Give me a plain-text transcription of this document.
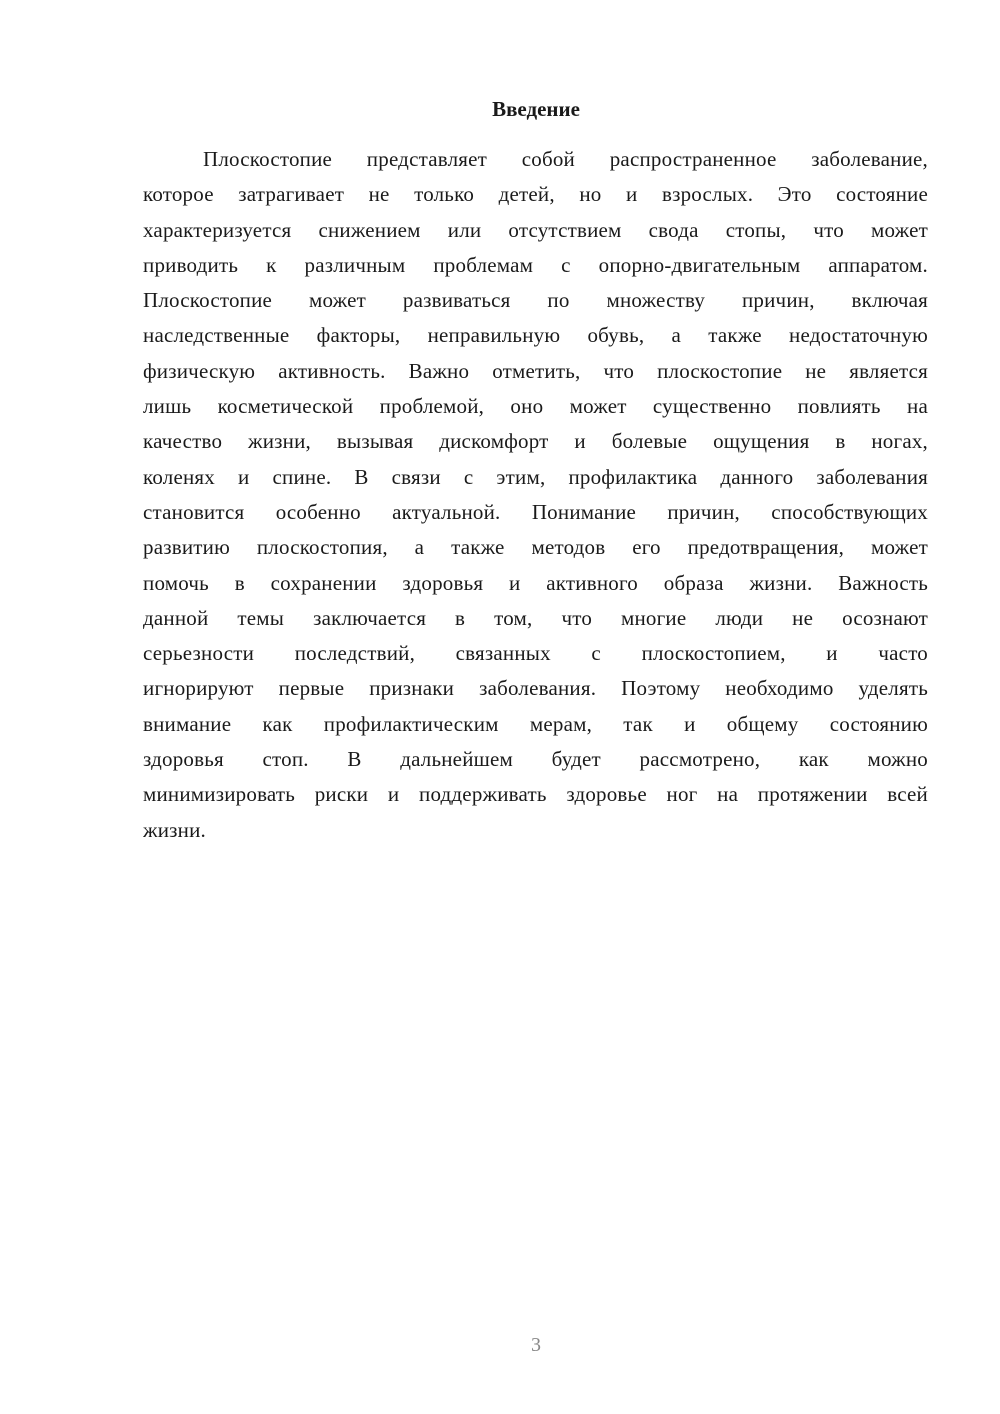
Введение
Плоскостопие представляет собой распространенное заболевание,
которое затрагивает не только детей, но и взрослых. Это состояние
характеризуется снижением или отсутствием свода стопы, что может
приводить к различным проблемам с опорно-двигательным аппаратом.
Плоскостопие может развиваться по множеству причин, включая
наследственные факторы, неправильную обувь, а также недостаточную
физическую активность. Важно отметить, что плоскостопие не является
лишь косметической проблемой, оно может существенно повлиять на
качество жизни, вызывая дискомфорт и болевые ощущения в ногах,
коленях и спине. В связи с этим, профилактика данного заболевания
становится особенно актуальной. Понимание причин, способствующих
развитию плоскостопия, а также методов его предотвращения, может
помочь в сохранении здоровья и активного образа жизни. Важность
данной темы заключается в том, что многие люди не осознают
серьезности последствий, связанных с плоскостопием, и часто
игнорируют первые признаки заболевания. Поэтому необходимо уделять
внимание как профилактическим мерам, так и общему состоянию
здоровья стоп. В дальнейшем будет рассмотрено, как можно
минимизировать риски и поддерживать здоровье ног на протяжении всей
жизни.
3
